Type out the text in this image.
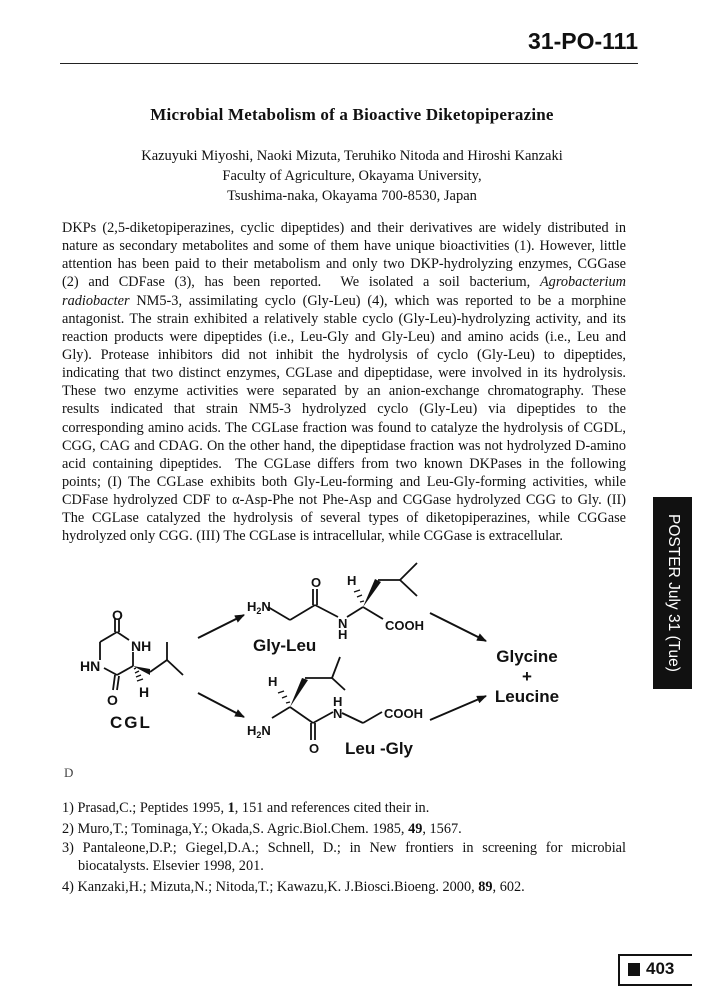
31-PO-111
Microbial Metabolism of a Bioactive Diketopiperazine
Kazuyuki Miyoshi, Naoki Mizuta, Teruhiko Nitoda and Hiroshi Kanzaki
Faculty of Agriculture, Okayama University,
Tsushima-naka, Okayama 700-8530, Japan
DKPs (2,5-diketopiperazines, cyclic dipeptides) and their derivatives are widely distributed in
nature as secondary metabolites and some of them have unique bioactivities (1). However, little
attention has been paid to their metabolism and only two DKP-hydrolyzing enzymes, CGGase
(2) and CDFase (3), has been reported.  We isolated a soil bacterium, Agrobacterium
radiobacter NM5-3, assimilating cyclo (Gly-Leu) (4), which was reported to be a morphine
antagonist. The strain exhibited a relatively stable cyclo (Gly-Leu)-hydrolyzing activity, and its
reaction products were dipeptides (i.e., Leu-Gly and Gly-Leu) and amino acids (i.e., Leu and
Gly). Protease inhibitors did not inhibit the hydrolysis of cyclo (Gly-Leu) to dipeptides,
indicating that two distinct enzymes, CGLase and dipeptidase, were involved in its hydrolysis.
These two enzyme activities were separated by an anion-exchange chromatography. These
results indicated that strain NM5-3 hydrolyzed cyclo (Gly-Leu) via dipeptides to the
corresponding amino acids. The CGLase fraction was found to catalyze the hydrolysis of CGDL,
CGG, CAG and CDAG. On the other hand, the dipeptidase fraction was not hydrolyzed D-amino
acid containing dipeptides.  The CGLase differs from two known DKPases in the following
points; (I) The CGLase exhibits both Gly-Leu-forming and Leu-Gly-forming activities, while
CDFase hydrolyzed CDF to α-Asp-Phe not Phe-Asp and CGGase hydrolyzed CGG to Gly. (II)
The CGLase catalyzed the hydrolysis of several types of diketopiperazines, while CGGase
hydrolyzed only CGG. (III) The CGLase is intracellular, while CGGase is extracellular.	POSTER July 31 (Tue)
O
NH
HN
O H
CGL
$H_2N$
O
N
H
H
COOH
Gly-Leu
$H_2N$
H
H
N	COOH
O Leu -Gly
Glycine
+
Leucine
D
1) Prasad,C.; Peptides 1995, 1, 151 and references cited their in.
2) Muro,T.; Tominaga,Y.; Okada,S. Agric.Biol.Chem. 1985, 49, 1567.
3) Pantaleone,D.P.; Giegel,D.A.; Schnell, D.; in New frontiers in screening for microbial biocatalysts. Elsevier 1998, 201.
4) Kanzaki,H.; Mizuta,N.; Nitoda,T.; Kawazu,K. J.Biosci.Bioeng. 2000, 89, 602.
403
